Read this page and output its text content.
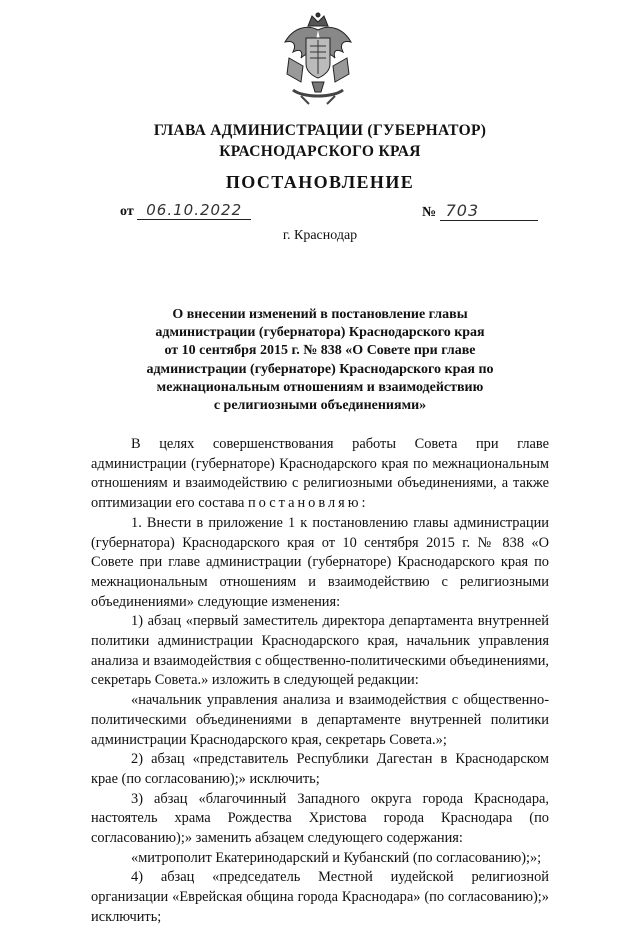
ГЛАВА АДМИНИСТРАЦИИ (ГУБЕРНАТОР)
КРАСНОДАРСКОГО КРАЯ
ПОСТАНОВЛЕНИЕ
от 06.10.2022	№ 703
г. Краснодар
О внесении изменений в постановление главы
администрации (губернатора) Краснодарского края
от 10 сентября 2015 г. № 838 «О Совете при главе
администрации (губернаторе) Краснодарского края по
межнациональным отношениям и взаимодействию
с религиозными объединениями»

В целях совершенствования работы Совета при главе администрации (губернаторе) Краснодарского края по межнациональным отношениям и взаимодействию с религиозными объединениями, а также оптимизации его состава постановляю:

1. Внести в приложение 1 к постановлению главы администрации (губернатора) Краснодарского края от 10 сентября 2015 г. № 838 «О Совете при главе администрации (губернаторе) Краснодарского края по межнациональным отношениям и взаимодействию с религиозными объединениями» следующие изменения:

1) абзац «первый заместитель директора департамента внутренней политики администрации Краснодарского края, начальник управления анализа и взаимодействия с общественно-политическими объединениями, секретарь Совета.» изложить в следующей редакции:

«начальник управления анализа и взаимодействия с общественно-политическими объединениями в департаменте внутренней политики администрации Краснодарского края, секретарь Совета.»;

2) абзац «представитель Республики Дагестан в Краснодарском крае (по согласованию);» исключить;

3) абзац «благочинный Западного округа города Краснодара, настоятель храма Рождества Христова города Краснодара (по согласованию);» заменить абзацем следующего содержания:

«митрополит Екатеринодарский и Кубанский (по согласованию);»;

4) абзац «председатель Местной иудейской религиозной организации «Еврейская община города Краснодара» (по согласованию);» исключить;
